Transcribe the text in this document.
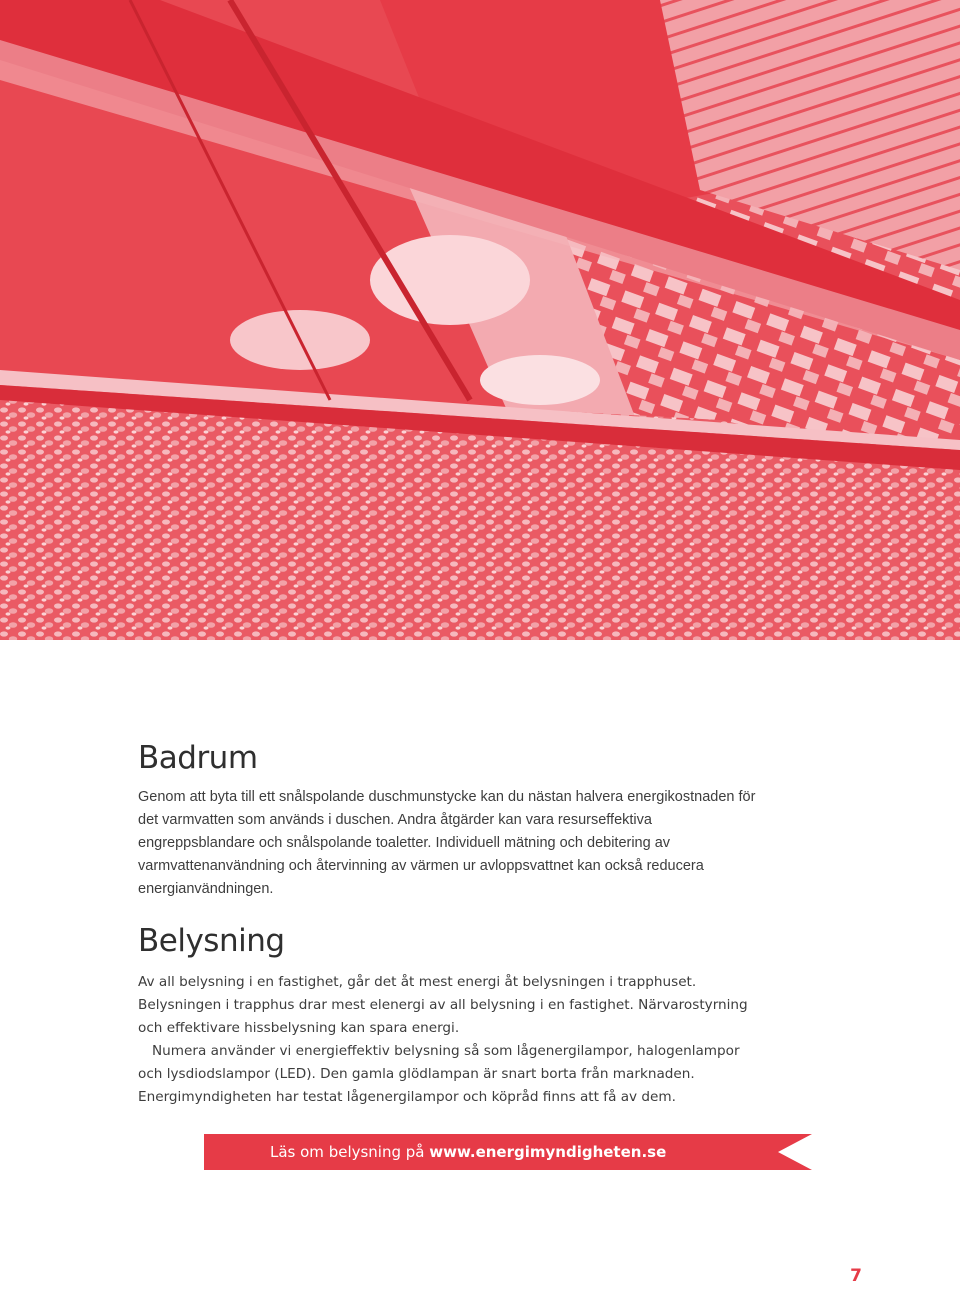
Badrum

Genom att byta till ett snålspolande duschmunstycke kan du nästan halvera energikostnaden för det varmvatten som används i duschen. Andra åtgärder kan vara resurseffektiva engreppsblandare och snålspolande toaletter. Individuell mätning och debitering av varmvattenanvändning och återvinning av värmen ur avloppsvattnet kan också reducera energianvändningen.

Belysning

Av all belysning i en fastighet, går det åt mest energi åt belysningen i trapphuset. Belysningen i trapphus drar mest elenergi av all belysning i en fastighet. Närvarostyrning och effektivare hissbelysning kan spara energi.

Numera använder vi energieffektiv belysning så som lågenergilampor, halogenlampor och lysdiodslampor (LED). Den gamla glödlampan är snart borta från marknaden. Energimyndigheten har testat lågenergilampor och köpråd finns att få av dem.

Läs om belysning på www.energimyndigheten.se
7
